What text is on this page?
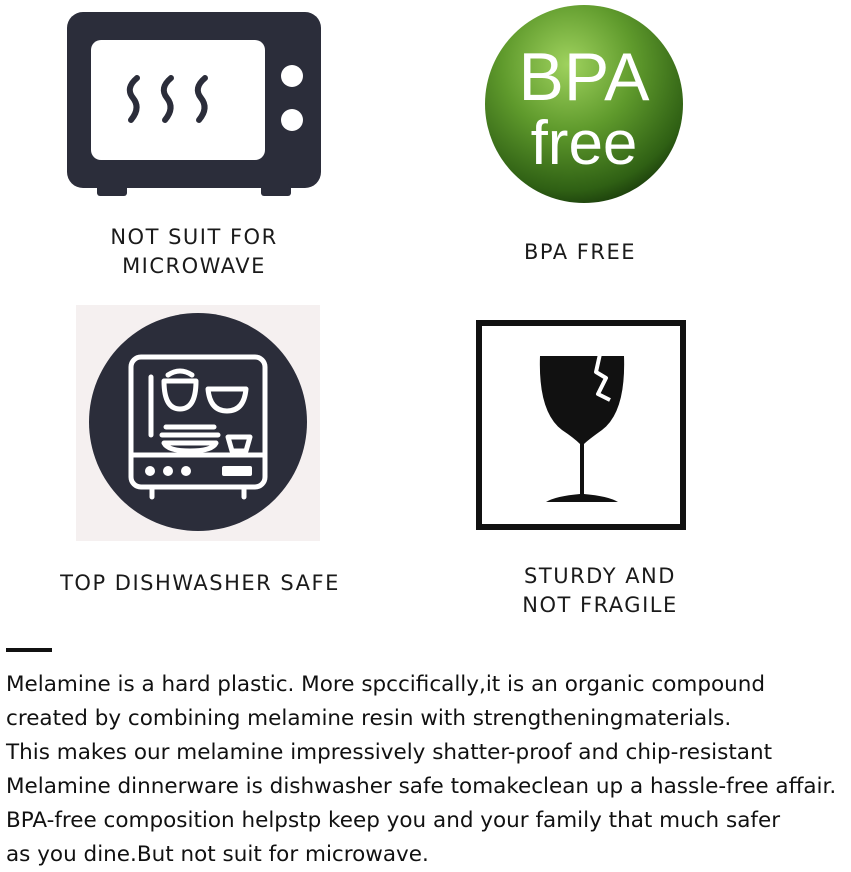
NOT SUIT FOR
MICROWAVE
BPA
free
BPA FREE
TOP DISHWASHER SAFE	STURDY AND
NOT FRAGILE
Melamine is a hard plastic. More spccifically,it is an organic compound
created by combining melamine resin with strengtheningmaterials.
This makes our melamine impressively shatter-proof and chip-resistant
Melamine dinnerware is dishwasher safe tomakeclean up a hassle-free affair.
BPA-free composition helpstp keep you and your family that much safer
as you dine.But not suit for microwave.
